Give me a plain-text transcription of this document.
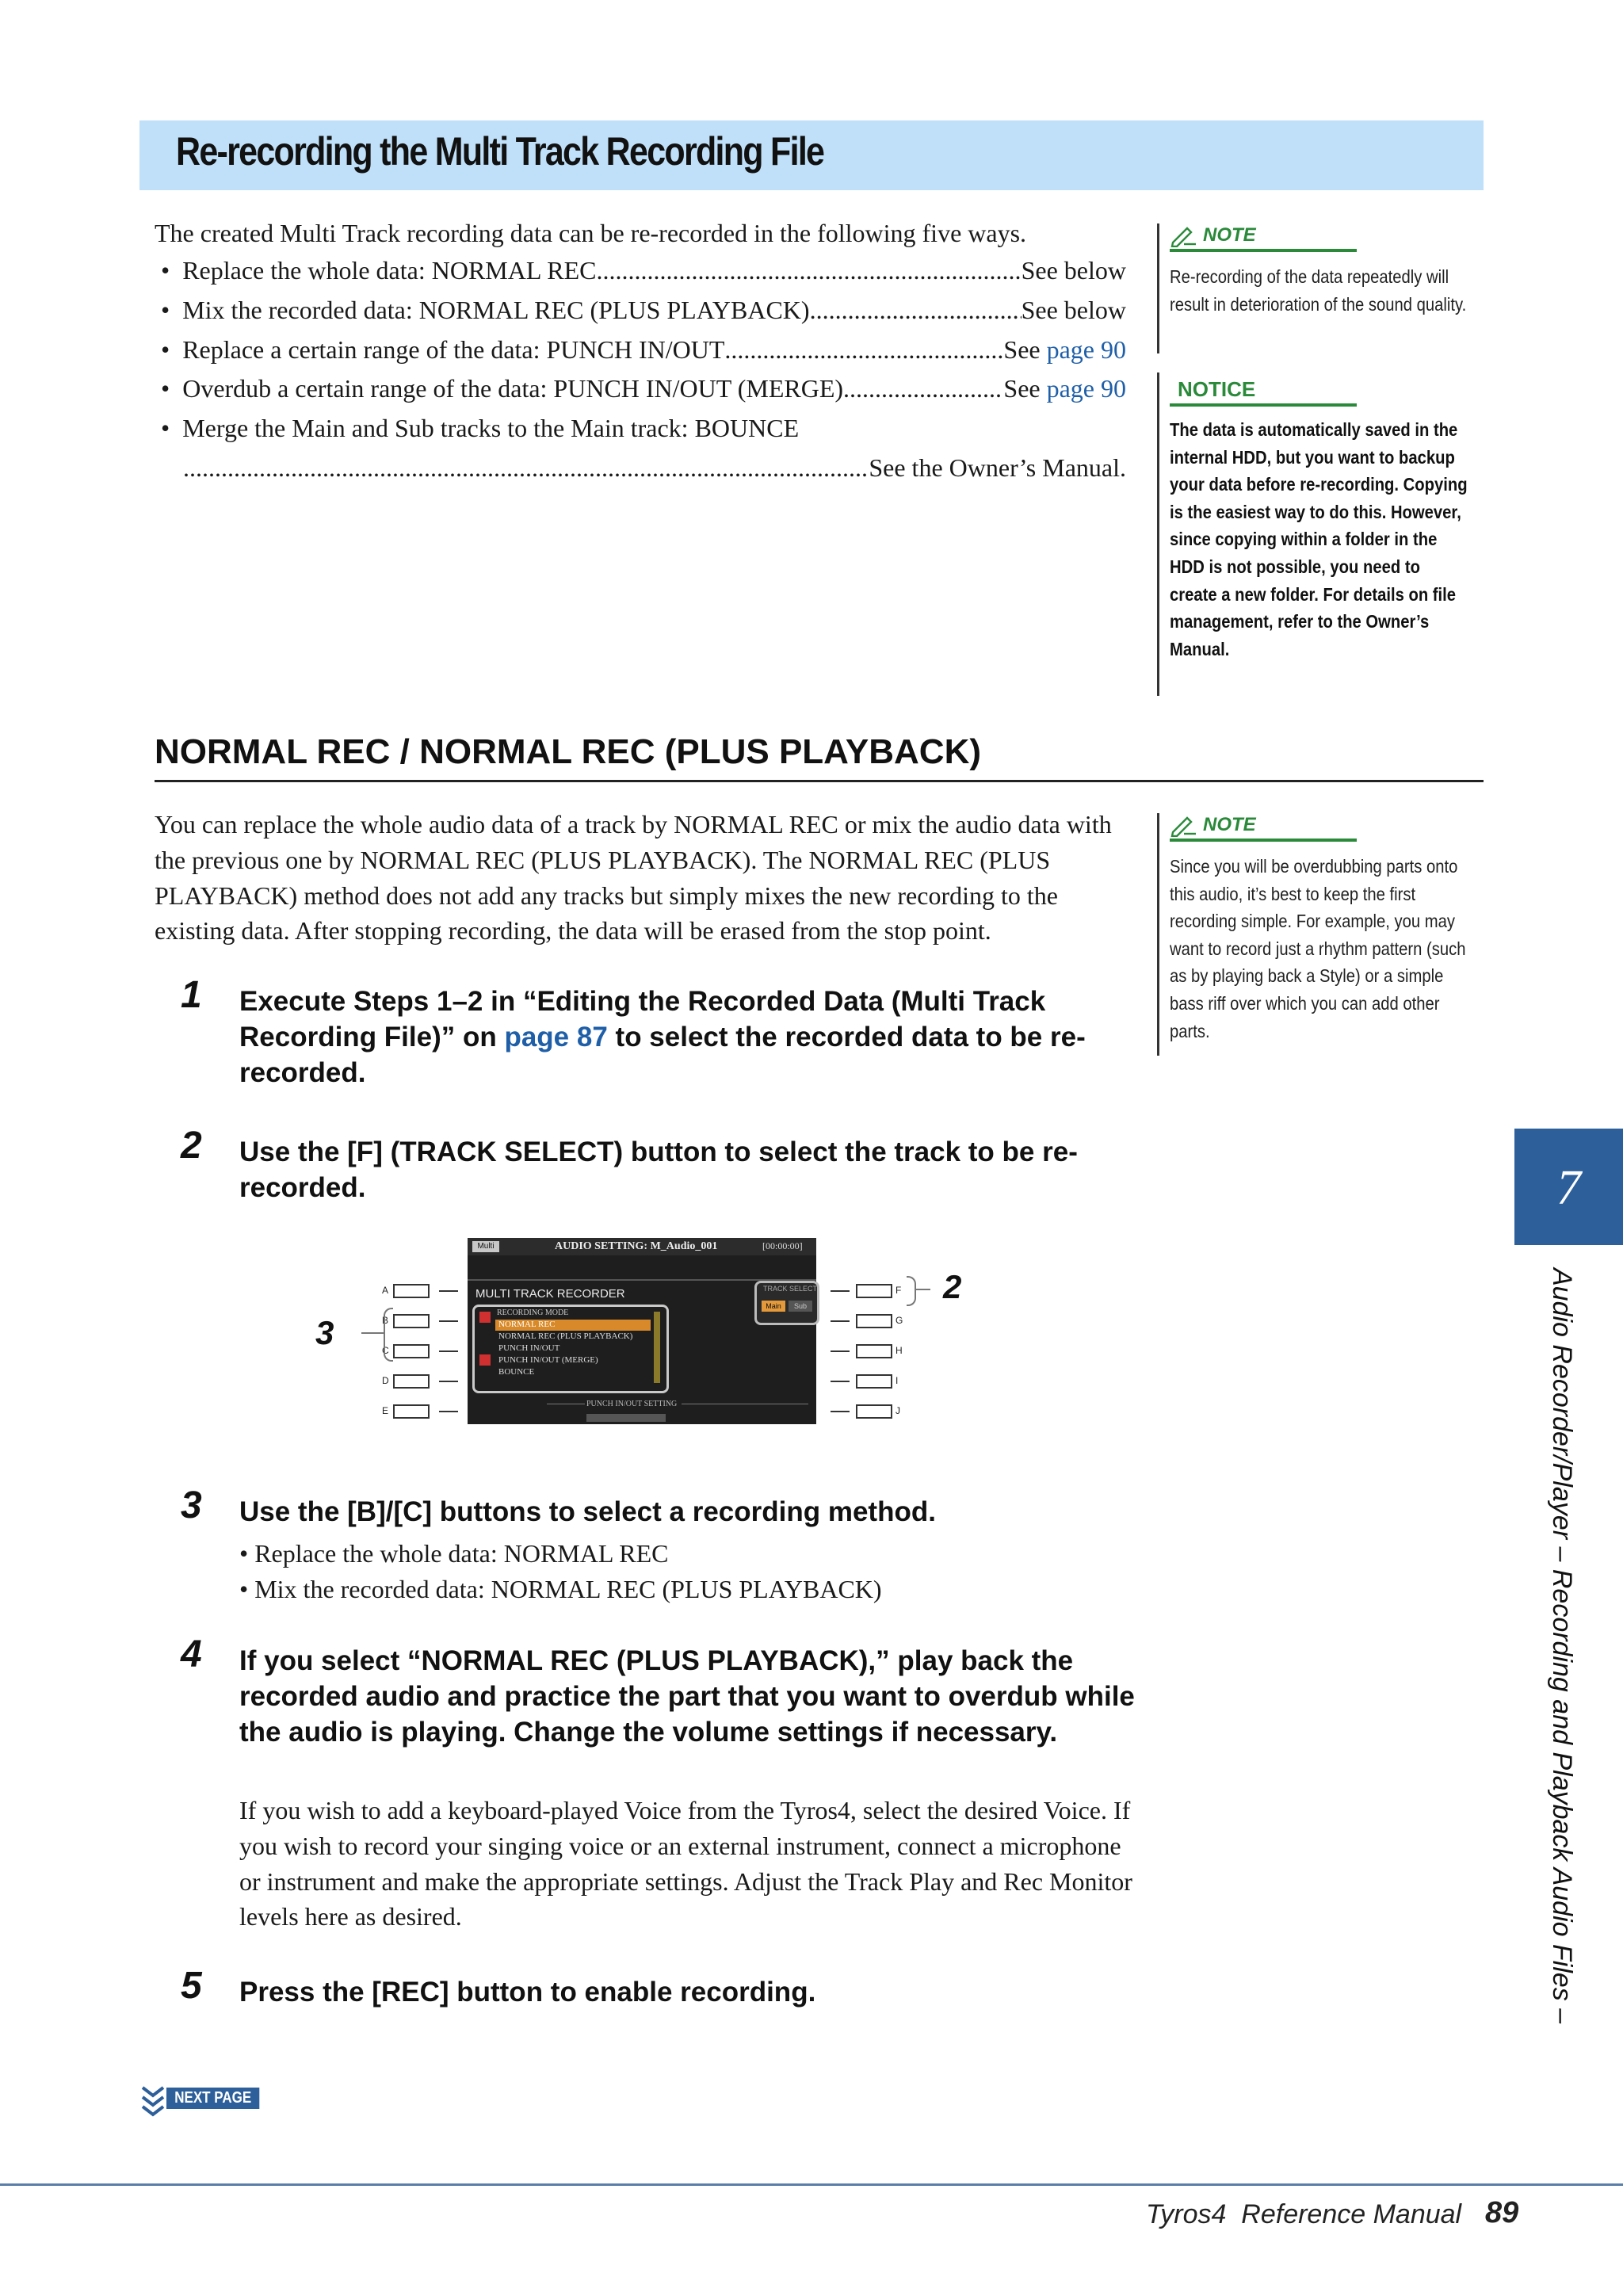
Re-recording the Multi Track Recording File
The created Multi Track recording data can be re-recorded in the following five ways.
•  Replace the whole data: NORMAL REC .....	See below
•  Mix the recorded data: NORMAL REC (PLUS PLAYBACK) .....	See below
•  Replace a certain range of the data: PUNCH IN/OUT .....	See page 90
•  Overdub a certain range of the data: PUNCH IN/OUT (MERGE) .....	See page 90
•  Merge the Main and Sub tracks to the Main track: BOUNCE
.....
See the Owner’s Manual.
NOTE
Re-recording of the data repeatedly will result in deterioration of the sound quality.
NOTICE
The data is automatically saved in the internal HDD, but you want to backup your data before re-recording. Copying is the easiest way to do this. However, since copying within a folder in the HDD is not possible, you need to create a new folder. For details on file management, refer to the Owner’s Manual.
NORMAL REC / NORMAL REC (PLUS PLAYBACK)
You can replace the whole audio data of a track by NORMAL REC or mix the audio data with the previous one by NORMAL REC (PLUS PLAYBACK). The NORMAL REC (PLUS PLAYBACK) method does not add any tracks but simply mixes the new recording to the existing data. After stopping recording, the data will be erased from the stop point.
NOTE
Since you will be overdubbing parts onto this audio, it’s best to keep the first recording simple. For example, you may want to record just a rhythm pattern (such as by playing back a Style) or a simple bass riff over which you can add other parts.
1 Execute Steps 1–2 in “Editing the Recorded Data (Multi Track Recording File)” on page 87 to select the recorded data to be re-recorded.
2 Use the [F] (TRACK SELECT) button to select the track to be re-recorded.
Multi	AUDIO SETTING: M_Audio_001	[00:00:00]
MULTI TRACK RECORDER	TRACK SELECT
Main	Sub
RECORDING MODE
NORMAL REC
NORMAL REC (PLUS PLAYBACK)
PUNCH IN/OUT
PUNCH IN/OUT (MERGE)
BOUNCE
PUNCH IN/OUT SETTING
A
B
C
D
E
3
F
G
H
I
J
2
3 Use the [B]/[C] buttons to select a recording method.
• Replace the whole data: NORMAL REC
• Mix the recorded data: NORMAL REC (PLUS PLAYBACK)
4 If you select “NORMAL REC (PLUS PLAYBACK),” play back the recorded audio and practice the part that you want to overdub while the audio is playing. Change the volume settings if necessary.
If you wish to add a keyboard-played Voice from the Tyros4, select the desired Voice. If you wish to record your singing voice or an external instrument, connect a microphone or instrument and make the appropriate settings. Adjust the Track Play and Rec Monitor levels here as desired.
5 Press the [REC] button to enable recording.
NEXT PAGE
7
Audio Recorder/Player – Recording and Playback Audio Files –
Tyros4  Reference Manual 89
